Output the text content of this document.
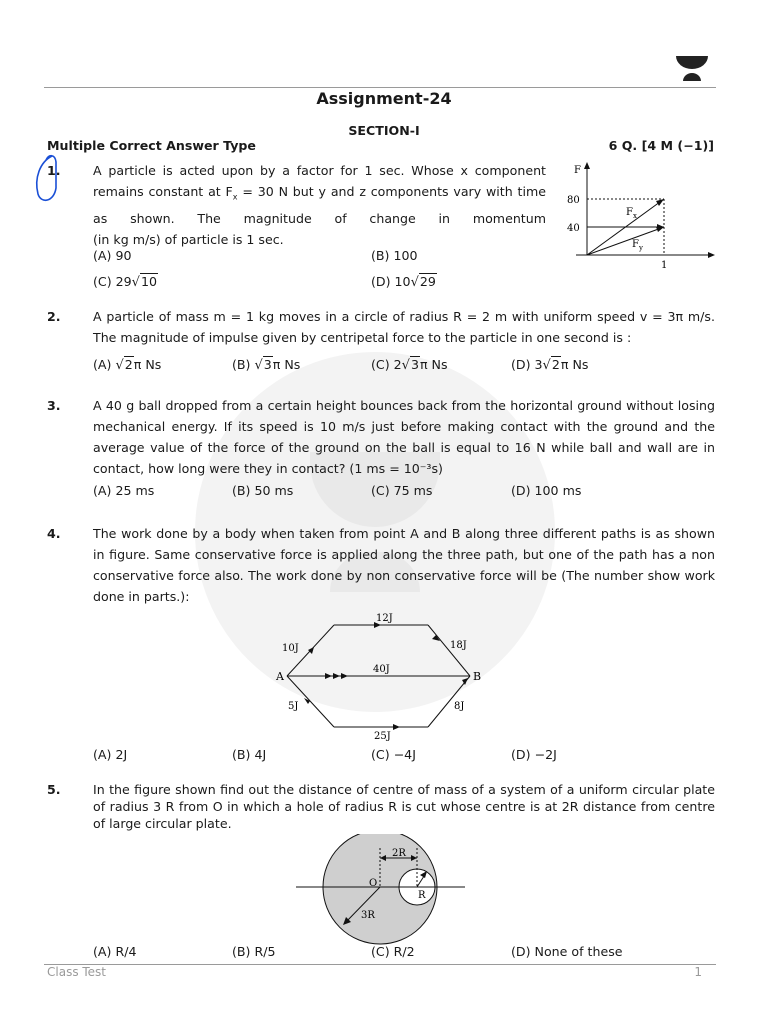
Assignment-24
SECTION-I
Multiple Correct Answer Type	6 Q. [4 M (−1)]
1.	A particle is acted upon by a factor for 1 sec. Whose x component
remains constant at $F_x = 30$ N but y and z components vary with time
as shown. The magnitude of change in momentum
(in kg m/s) of particle is 1 sec.
(A) 90	(B) 100
(C) 29√10	(D) 10√29
F
80
40
1
$F_x$
$F_y$
2.	A particle of mass m = 1 kg moves in a circle of radius R = 2 m with uniform speed v = 3π m/s. The magnitude of impulse given by centripetal force to the particle in one second is :
(A) √2π Ns	(B) √3π Ns	(C) 2√3π Ns	(D) 3√2π Ns
3.	A 40 g ball dropped from a certain height bounces back from the horizontal ground without losing mechanical energy. If its speed is 10 m/s just before making contact with the ground and the average value of the force of the ground on the ball is equal to 16 N while ball and wall are in contact, how long were they in contact? (1 ms = 10⁻³s)
(A) 25 ms	(B) 50 ms	(C) 75 ms	(D) 100 ms
4.	The work done by a body when taken from point A and B along three different paths is as shown in figure. Same conservative force is applied along the three path, but one of the path has a non conservative force also. The work done by non conservative force will be (The number show work done in parts.):
A	B
12J
10J	18J
40J
5J	8J
25J
(A) 2J	(B) 4J	(C) −4J	(D) −2J
5.	In the figure shown find out the distance of centre of mass of a system of a uniform circular plate of radius 3 R from O in which a hole of radius R is cut whose centre is at 2R distance from centre of large circular plate.
2R
O
R
3R
(A) R/4	(B) R/5	(C) R/2	(D) None of these
Class Test	1
